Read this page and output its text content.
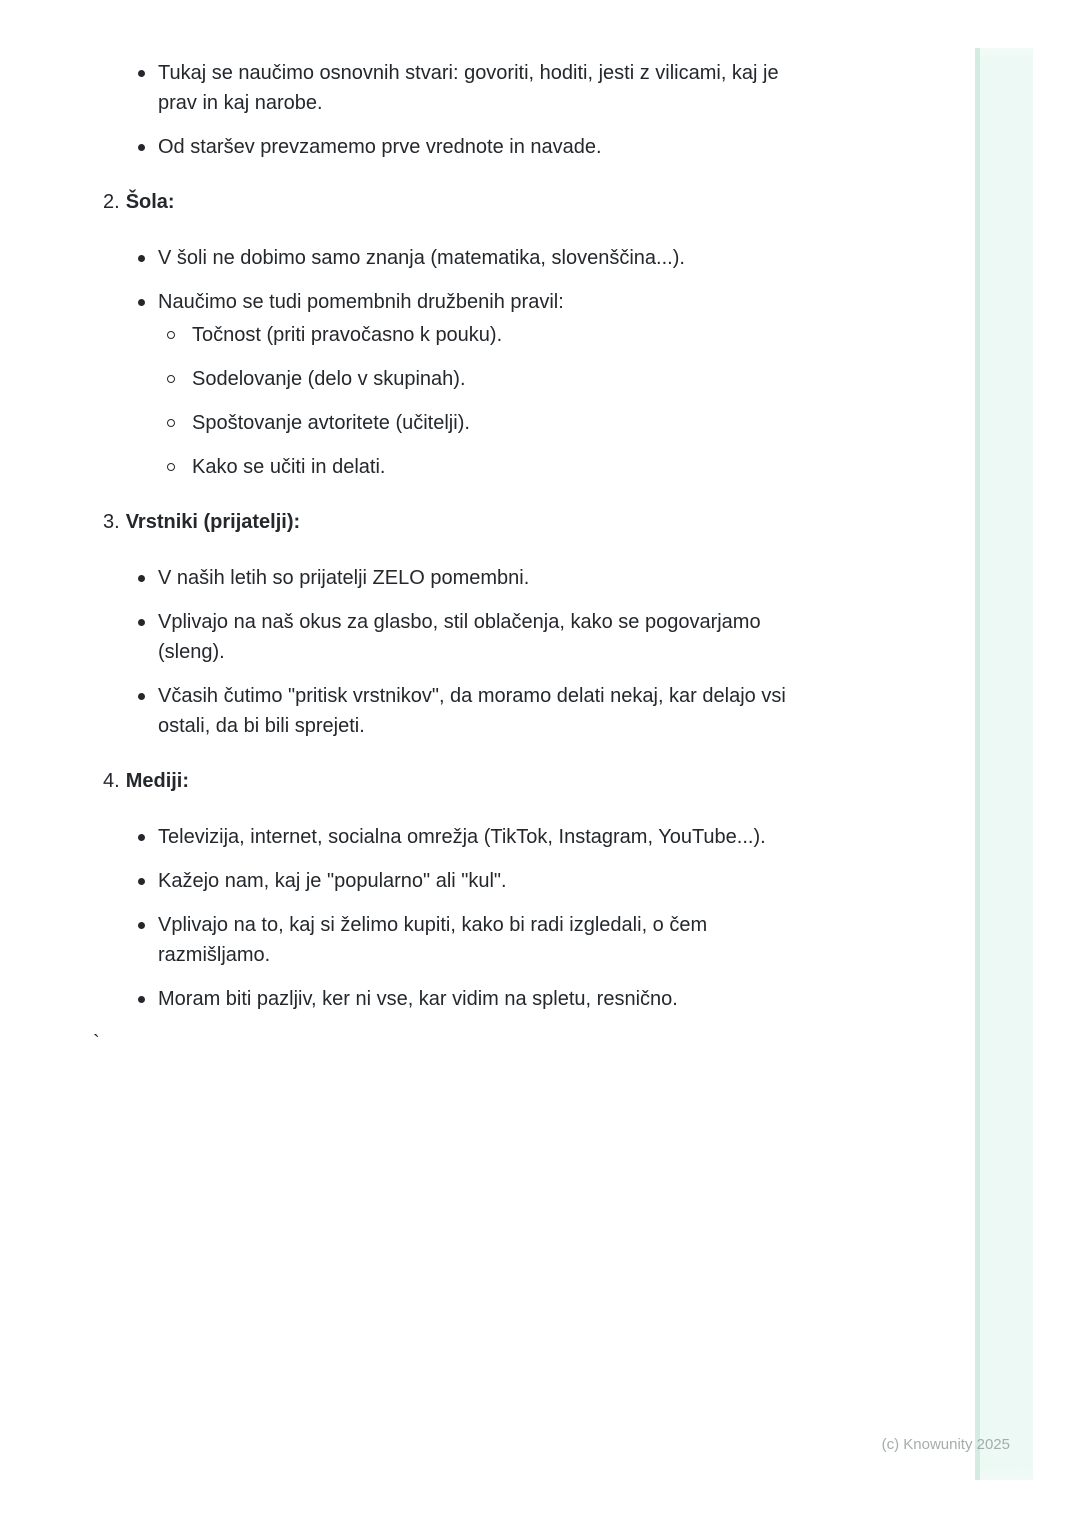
Tukaj se naučimo osnovnih stvari: govoriti, hoditi, jesti z vilicami, kaj je prav in kaj narobe.
Od staršev prevzamemo prve vrednote in navade.
2. Šola:
V šoli ne dobimo samo znanja (matematika, slovenščina...).
Naučimo se tudi pomembnih družbenih pravil:
Točnost (priti pravočasno k pouku).
Sodelovanje (delo v skupinah).
Spoštovanje avtoritete (učitelji).
Kako se učiti in delati.
3. Vrstniki (prijatelji):
V naših letih so prijatelji ZELO pomembni.
Vplivajo na naš okus za glasbo, stil oblačenja, kako se pogovarjamo (sleng).
Včasih čutimo "pritisk vrstnikov", da moramo delati nekaj, kar delajo vsi ostali, da bi bili sprejeti.
4. Mediji:
Televizija, internet, socialna omrežja (TikTok, Instagram, YouTube...).
Kažejo nam, kaj je "popularno" ali "kul".
Vplivajo na to, kaj si želimo kupiti, kako bi radi izgledali, o čem razmišljamo.
Moram biti pazljiv, ker ni vse, kar vidim na spletu, resnično.
`
(c) Knowunity 2025
